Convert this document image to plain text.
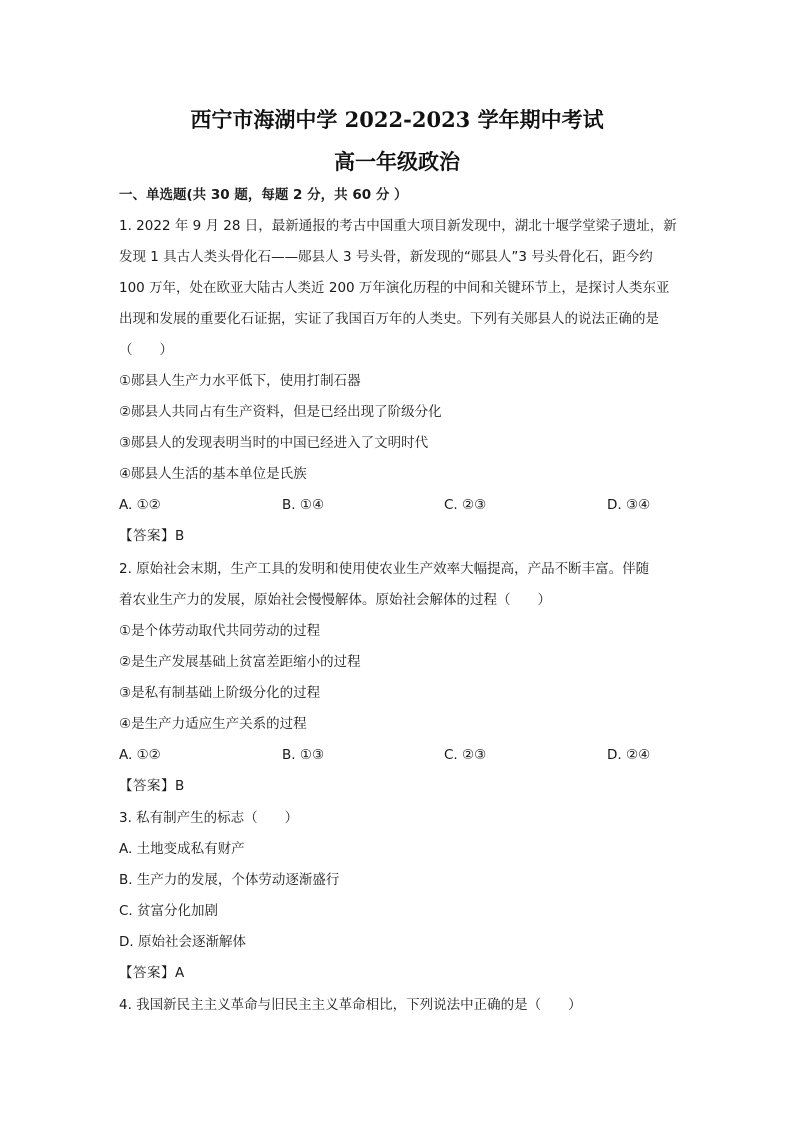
西宁市海湖中学 2022-2023 学年期中考试
高一年级政治
一、单选题(共 30 题，每题 2 分，共 60 分 ）
1. 2022 年 9 月 28 日，最新通报的考古中国重大项目新发现中，湖北十堰学堂梁子遗址，新
发现 1 具古人类头骨化石——郧县人 3 号头骨，新发现的“郧县人”3 号头骨化石，距今约
100 万年，处在欧亚大陆古人类近 200 万年演化历程的中间和关键环节上，是探讨人类东亚
出现和发展的重要化石证据，实证了我国百万年的人类史。下列有关郧县人的说法正确的是
（　　）
①郧县人生产力水平低下，使用打制石器
②郧县人共同占有生产资料，但是已经出现了阶级分化
③郧县人的发现表明当时的中国已经进入了文明时代
④郧县人生活的基本单位是氏族
A. ①②	B. ①④	C. ②③	D. ③④
【答案】B
2. 原始社会末期，生产工具的发明和使用使农业生产效率大幅提高，产品不断丰富。伴随
着农业生产力的发展，原始社会慢慢解体。原始社会解体的过程（　　）
①是个体劳动取代共同劳动的过程
②是生产发展基础上贫富差距缩小的过程
③是私有制基础上阶级分化的过程
④是生产力适应生产关系的过程
A. ①②	B. ①③	C. ②③	D. ②④
【答案】B
3. 私有制产生的标志（　　）
A. 土地变成私有财产
B. 生产力的发展，个体劳动逐渐盛行
C. 贫富分化加剧
D. 原始社会逐渐解体
【答案】A
4. 我国新民主主义革命与旧民主主义革命相比，下列说法中正确的是（　　）
